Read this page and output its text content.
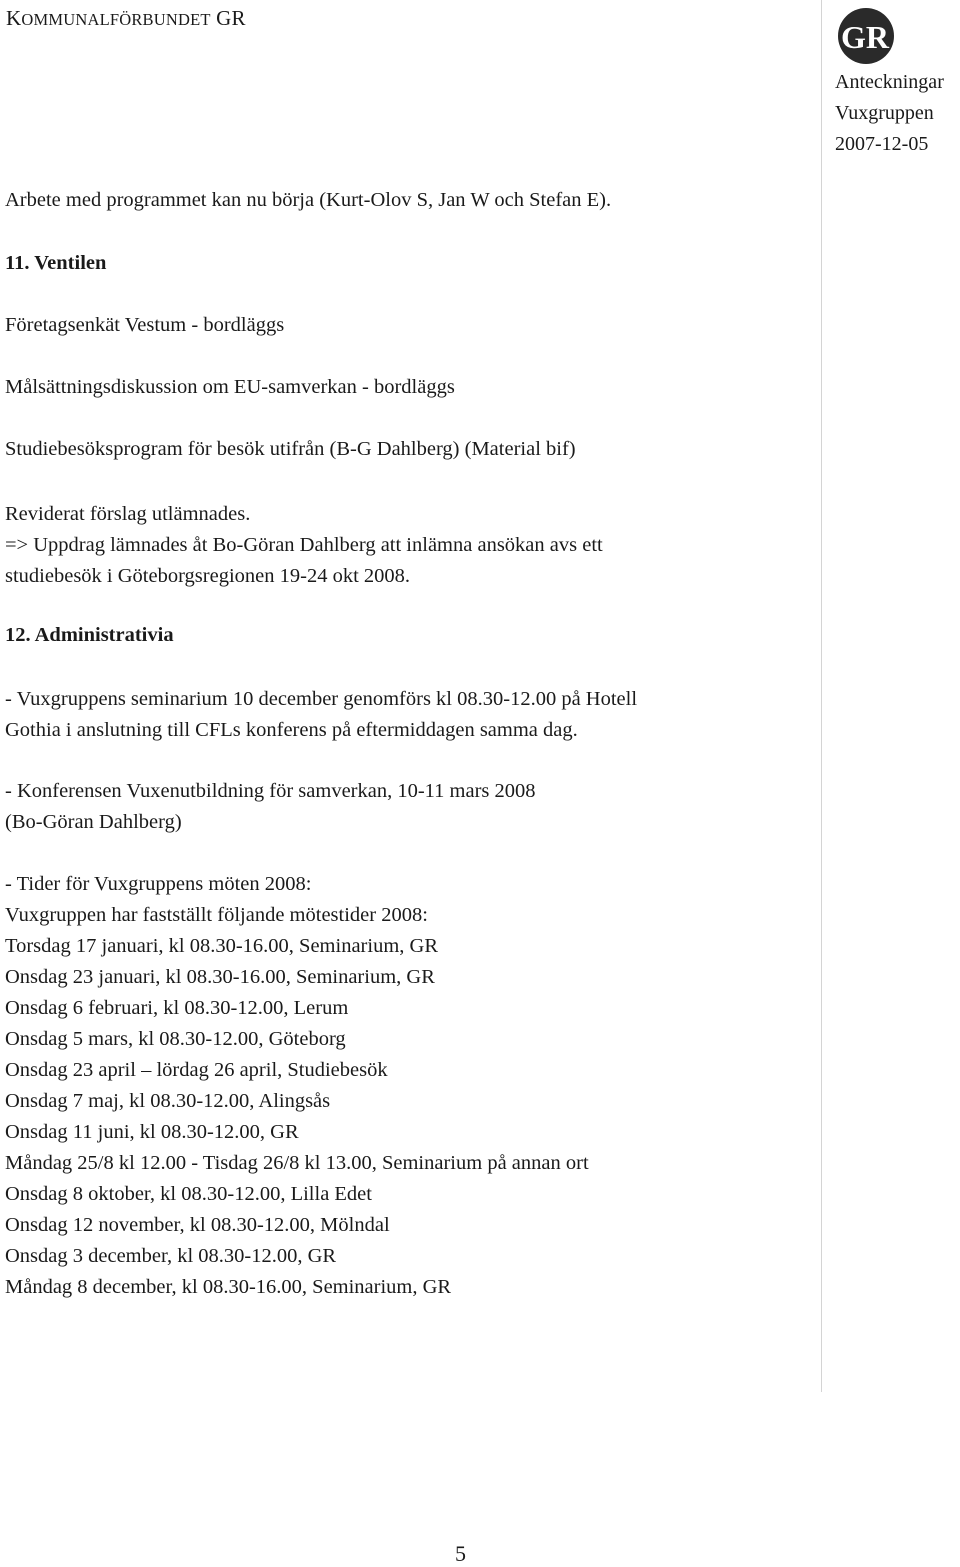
KOMMUNALFÖRBUNDET GR
GR
Anteckningar
Vuxgruppen
2007-12-05
Arbete med programmet kan nu börja (Kurt-Olov S, Jan W och Stefan E).
11. Ventilen
Företagsenkät Vestum - bordläggs
Målsättningsdiskussion om EU-samverkan - bordläggs
Studiebesöksprogram för besök utifrån (B-G Dahlberg) (Material bif)
Reviderat förslag utlämnades.
=> Uppdrag lämnades åt Bo-Göran Dahlberg att inlämna ansökan avs ett
studiebesök i Göteborgsregionen 19-24 okt 2008.
12. Administrativia
- Vuxgruppens seminarium 10 december genomförs kl 08.30-12.00 på Hotell
Gothia i anslutning till CFLs konferens på eftermiddagen samma dag.
- Konferensen Vuxenutbildning för samverkan, 10-11 mars 2008
(Bo-Göran Dahlberg)
- Tider för Vuxgruppens möten 2008:
Vuxgruppen har fastställt följande mötestider 2008:
Torsdag 17 januari, kl 08.30-16.00, Seminarium, GR
Onsdag 23 januari, kl 08.30-16.00, Seminarium, GR
Onsdag 6 februari, kl 08.30-12.00, Lerum
Onsdag 5 mars, kl 08.30-12.00, Göteborg
Onsdag 23 april – lördag 26 april, Studiebesök
Onsdag 7 maj, kl 08.30-12.00, Alingsås
Onsdag 11 juni, kl 08.30-12.00, GR
Måndag 25/8 kl 12.00 - Tisdag 26/8 kl 13.00, Seminarium på annan ort
Onsdag 8 oktober, kl 08.30-12.00, Lilla Edet
Onsdag 12 november, kl 08.30-12.00, Mölndal
Onsdag 3 december, kl 08.30-12.00, GR
Måndag 8 december, kl 08.30-16.00, Seminarium, GR
5
